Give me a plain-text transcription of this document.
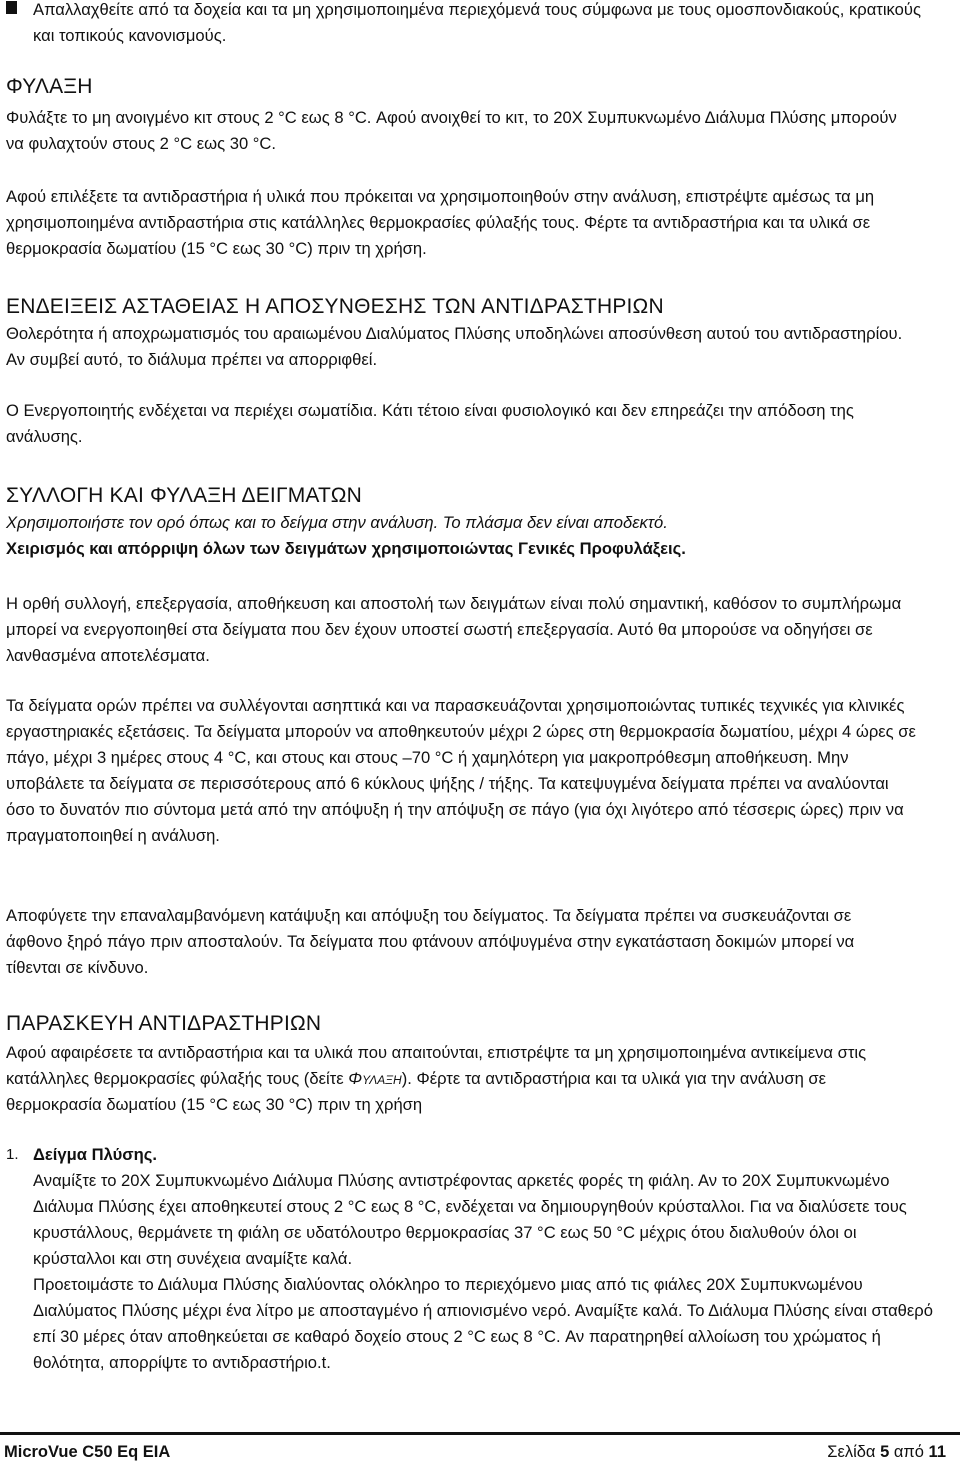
Απαλλαχθείτε από τα δοχεία και τα μη χρησιμοποιημένα περιεχόμενά τους σύμφωνα με τους ομοσπονδιακούς, κρατικούς και τοπικούς κανονισμούς.

ΦΥΛΑΞΗ

Φυλάξτε το μη ανοιγμένο κιτ στους 2 °C εως 8 °C. Αφού ανοιχθεί το κιτ, το 20X Συμπυκνωμένο Διάλυμα Πλύσης μπορούν να φυλαχτούν στους 2 °C εως 30 °C.

Αφού επιλέξετε τα αντιδραστήρια ή υλικά που πρόκειται να χρησιμοποιηθούν στην ανάλυση, επιστρέψτε αμέσως τα μη χρησιμοποιημένα αντιδραστήρια στις κατάλληλες θερμοκρασίες φύλαξής τους. Φέρτε τα αντιδραστήρια και τα υλικά σε θερμοκρασία δωματίου (15 °C εως 30 °C) πριν τη χρήση.

ΕΝΔΕΙΞΕΙΣ ΑΣΤΑΘΕΙΑΣ Η ΑΠΟΣΥΝΘΕΣΗΣ ΤΩΝ ΑΝΤΙΔΡΑΣΤΗΡΙΩΝ

Θολερότητα ή αποχρωματισμός του αραιωμένου Διαλύματος Πλύσης υποδηλώνει αποσύνθεση αυτού του αντιδραστηρίου. Αν συμβεί αυτό, το διάλυμα πρέπει να απορριφθεί.

Ο Ενεργοποιητής ενδέχεται να περιέχει σωματίδια. Κάτι τέτοιο είναι φυσιολογικό και δεν επηρεάζει την απόδοση της ανάλυσης.

ΣΥΛΛΟΓΗ ΚΑΙ ΦΥΛΑΞΗ ΔΕΙΓΜΑΤΩΝ

Χρησιμοποιήστε τον ορό όπως και το δείγμα στην ανάλυση. Το πλάσμα δεν είναι αποδεκτό.

Χειρισμός και απόρριψη όλων των δειγμάτων χρησιμοποιώντας Γενικές Προφυλάξεις.

Η ορθή συλλογή, επεξεργασία, αποθήκευση και αποστολή των δειγμάτων είναι πολύ σημαντική, καθόσον το συμπλήρωμα μπορεί να ενεργοποιηθεί στα δείγματα που δεν έχουν υποστεί σωστή επεξεργασία. Αυτό θα μπορούσε να οδηγήσει σε λανθασμένα αποτελέσματα.

Τα δείγματα ορών πρέπει να συλλέγονται ασηπτικά και να παρασκευάζονται χρησιμοποιώντας τυπικές τεχνικές για κλινικές εργαστηριακές εξετάσεις. Τα δείγματα μπορούν να αποθηκευτούν μέχρι 2 ώρες στη θερμοκρασία δωματίου, μέχρι 4 ώρες σε πάγο, μέχρι 3 ημέρες στους 4 °C, και στους και στους –70 °C ή χαμηλότερη για μακροπρόθεσμη αποθήκευση. Μην υποβάλετε τα δείγματα σε περισσότερους από 6 κύκλους ψήξης / τήξης. Τα κατεψυγμένα δείγματα πρέπει να αναλύονται όσο το δυνατόν πιο σύντομα μετά από την απόψυξη ή την απόψυξη σε πάγο (για όχι λιγότερο από τέσσερις ώρες) πριν να πραγματοποιηθεί η ανάλυση.

Αποφύγετε την επαναλαμβανόμενη κατάψυξη και απόψυξη του δείγματος. Τα δείγματα πρέπει να συσκευάζονται σε άφθονο ξηρό πάγο πριν αποσταλούν. Τα δείγματα που φτάνουν απόψυγμένα στην εγκατάσταση δοκιμών μπορεί να τίθενται σε κίνδυνο.

ΠΑΡΑΣΚΕΥΗ ΑΝΤΙΔΡΑΣΤΗΡΙΩΝ

Αφού αφαιρέσετε τα αντιδραστήρια και τα υλικά που απαιτούνται, επιστρέψτε τα μη χρησιμοποιημένα αντικείμενα στις κατάλληλες θερμοκρασίες φύλαξής τους (δείτε Φυλαξη). Φέρτε τα αντιδραστήρια και τα υλικά για την ανάλυση σε θερμοκρασία δωματίου (15 °C εως 30 °C) πριν τη χρήση

1. Δείγμα Πλύσης.

Αναμίξτε το 20X Συμπυκνωμένο Διάλυμα Πλύσης αντιστρέφοντας αρκετές φορές τη φιάλη. Αν το 20X Συμπυκνωμένο Διάλυμα Πλύσης έχει αποθηκευτεί στους 2 °C εως 8 °C, ενδέχεται να δημιουργηθούν κρύσταλλοι. Για να διαλύσετε τους κρυστάλλους, θερμάνετε τη φιάλη σε υδατόλουτρο θερμοκρασίας 37 °C εως 50 °C μέχρις ότου διαλυθούν όλοι οι κρύσταλλοι και στη συνέχεια αναμίξτε καλά.

Προετοιμάστε το Διάλυμα Πλύσης διαλύοντας ολόκληρο το περιεχόμενο μιας από τις φιάλες 20X Συμπυκνωμένου Διαλύματος Πλύσης μέχρι ένα λίτρο με αποσταγμένο ή απιονισμένο νερό. Αναμίξτε καλά. Το Διάλυμα Πλύσης είναι σταθερό επί 30 μέρες όταν αποθηκεύεται σε καθαρό δοχείο στους 2 °C εως 8 °C. Αν παρατηρηθεί αλλοίωση του χρώματος ή θολότητα, απορρίψτε το αντιδραστήριο.t.

MicroVue C50 Eq EIA	Σελίδα 5 από 11
